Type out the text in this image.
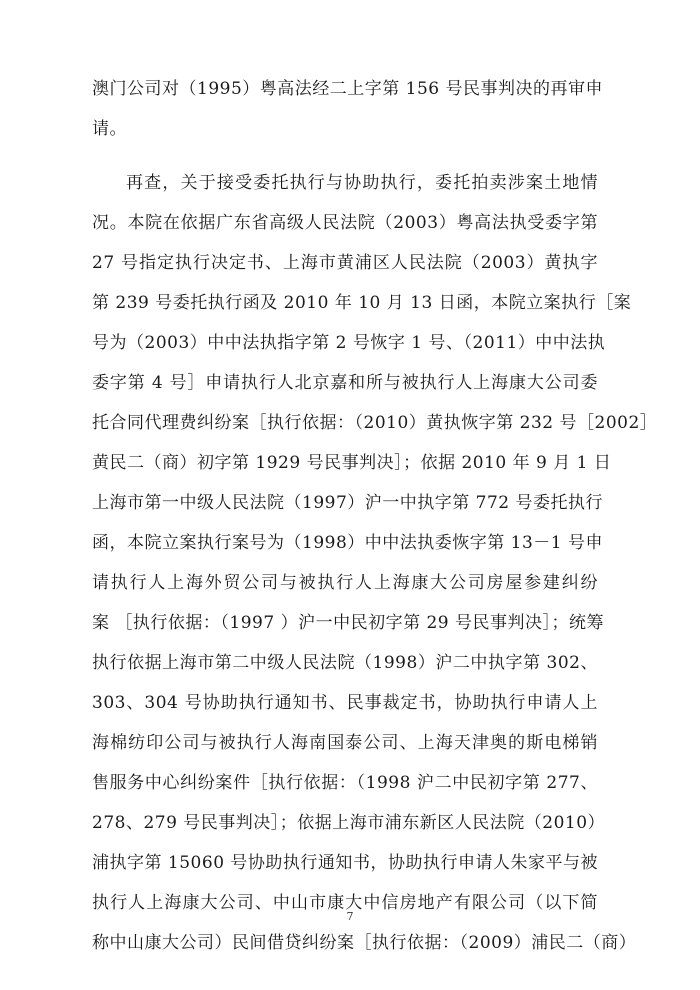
澳门公司对（1995）粤高法经二上字第 156 号民事判决的再审申
请。
再查，关于接受委托执行与协助执行，委托拍卖涉案土地情
况。本院在依据广东省高级人民法院（2003）粤高法执受委字第
27 号指定执行决定书、上海市黄浦区人民法院（2003）黄执字
第 239 号委托执行函及 2010 年 10 月 13 日函，本院立案执行［案
号为（2003）中中法执指字第 2 号恢字 1 号、（2011）中中法执
委字第 4 号］申请执行人北京嘉和所与被执行人上海康大公司委
托合同代理费纠纷案［执行依据：（2010）黄执恢字第 232 号［2002］
黄民二（商）初字第 1929 号民事判决］；依据 2010 年 9 月 1 日
上海市第一中级人民法院（1997）沪一中执字第 772 号委托执行
函，本院立案执行案号为（1998）中中法执委恢字第 13－1 号申
请执行人上海外贸公司与被执行人上海康大公司房屋参建纠纷
案 ［执行依据：（1997 ）沪一中民初字第 29 号民事判决］；统筹
执行依据上海市第二中级人民法院（1998）沪二中执字第 302、
303、304 号协助执行通知书、民事裁定书，协助执行申请人上
海棉纺印公司与被执行人海南国泰公司、上海天津奥的斯电梯销
售服务中心纠纷案件［执行依据：（1998 沪二中民初字第 277、
278、279 号民事判决］；依据上海市浦东新区人民法院（2010）
浦执字第 15060 号协助执行通知书，协助执行申请人朱家平与被
执行人上海康大公司、中山市康大中信房地产有限公司（以下简
称中山康大公司）民间借贷纠纷案［执行依据：（2009）浦民二（商）
7
